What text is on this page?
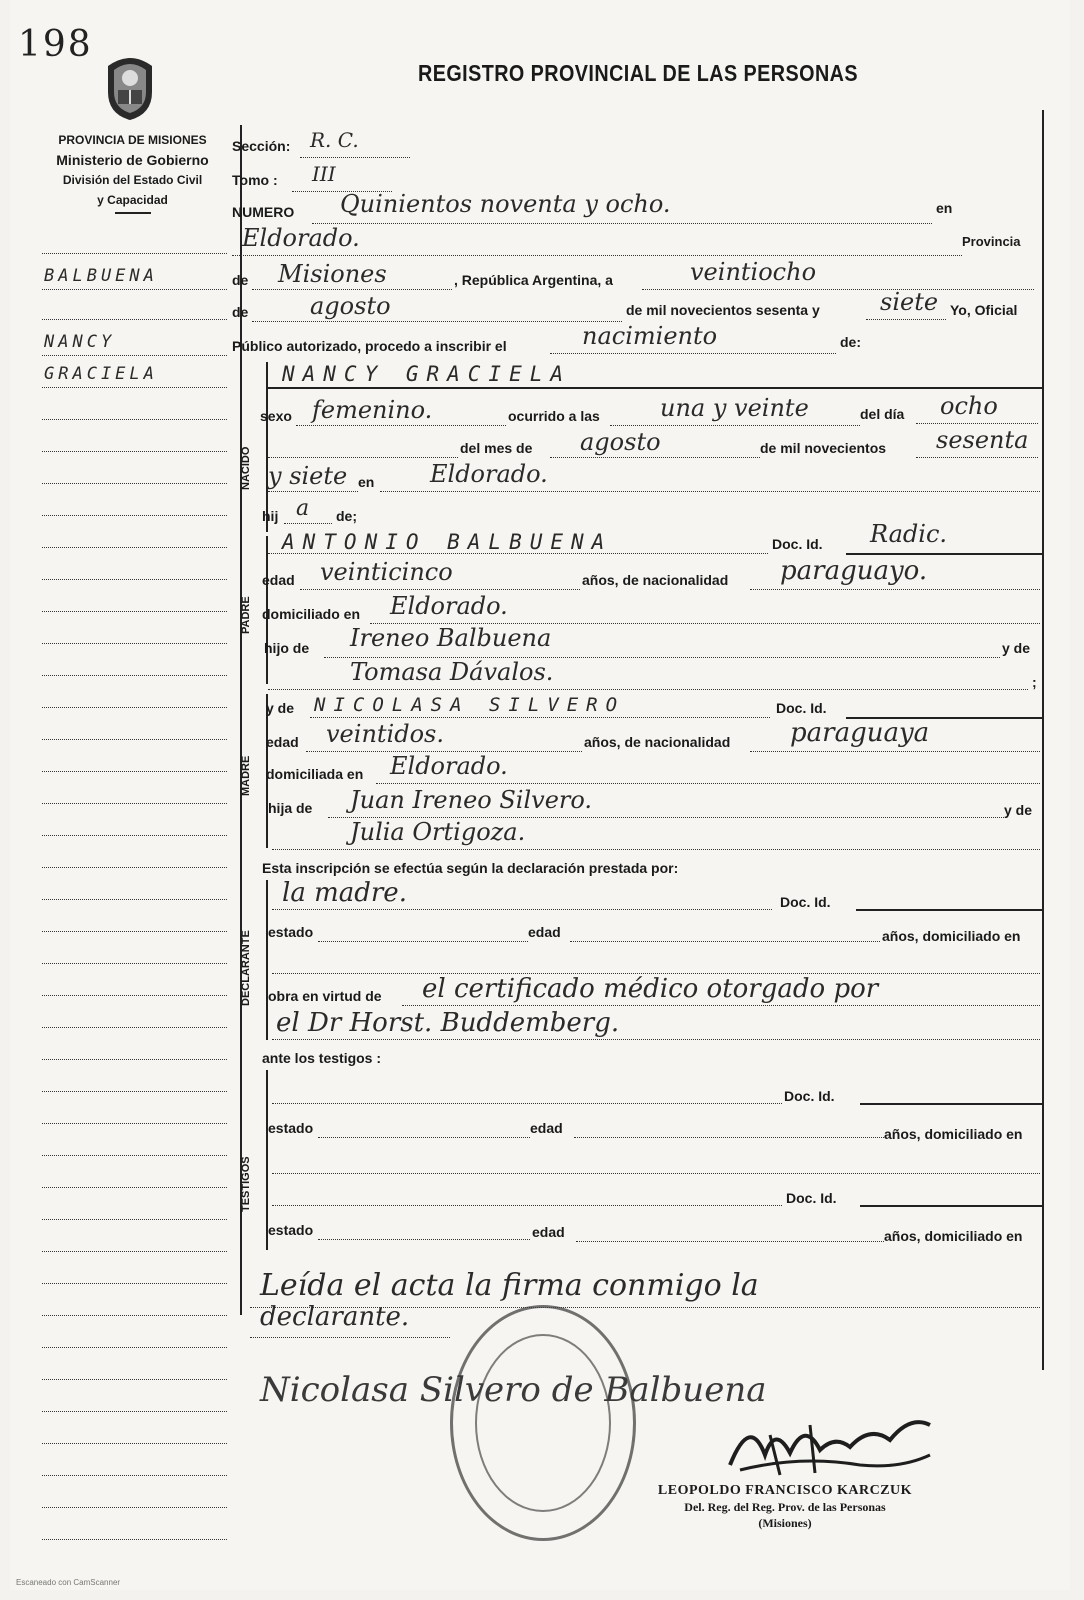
198
REGISTRO PROVINCIAL DE LAS PERSONAS
PROVINCIA DE MISIONES
Ministerio de Gobierno
División del Estado Civil
y Capacidad
BALBUENA
NANCY
GRACIELA
Sección: R. C.
Tomo : III
NUMERO Quinientos noventa y ocho.	en
Eldorado.	Provincia
de Misiones	, República Argentina, a	veintiocho
de	agosto	de mil novecientos sesenta y	siete Yo, Oficial
Público autorizado, procedo a inscribir el	nacimiento	de:
NACIDO
NANCY GRACIELA
sexo femenino.	ocurrido a las	una y veinte	del día ocho
del mes de agosto	de mil novecientos sesenta
y siete en Eldorado.
hij a de;
PADRE
ANTONIO BALBUENA	Doc. Id. Radic.
edad veinticinco	años, de nacionalidad paraguayo.
domiciliado en Eldorado.
hijo de Ireneo Balbuena	y de
Tomasa Dávalos.	;
MADRE
y de NICOLASA SILVERO	Doc. Id.
edad veintidos.	años, de nacionalidad paraguaya
domiciliada en Eldorado.
hija de Juan Ireneo Silvero.	y de
Julia Ortigoza.
Esta inscripción se efectúa según la declaración prestada por:
DECLARANTE
la madre.	Doc. Id.
estado	edad	años, domiciliado en
obra en virtud de el certificado médico otorgado por
el Dr Horst. Buddemberg.
ante los testigos :
TESTIGOS
Doc. Id.
estado	edad	años, domiciliado en
Doc. Id.
estado	edad	años, domiciliado en
Leída el acta la firma conmigo la
declarante.
Nicolasa Silvero de Balbuena
LEOPOLDO FRANCISCO KARCZUK
Del. Reg. del Reg. Prov. de las Personas
(Misiones)
Escaneado con CamScanner
